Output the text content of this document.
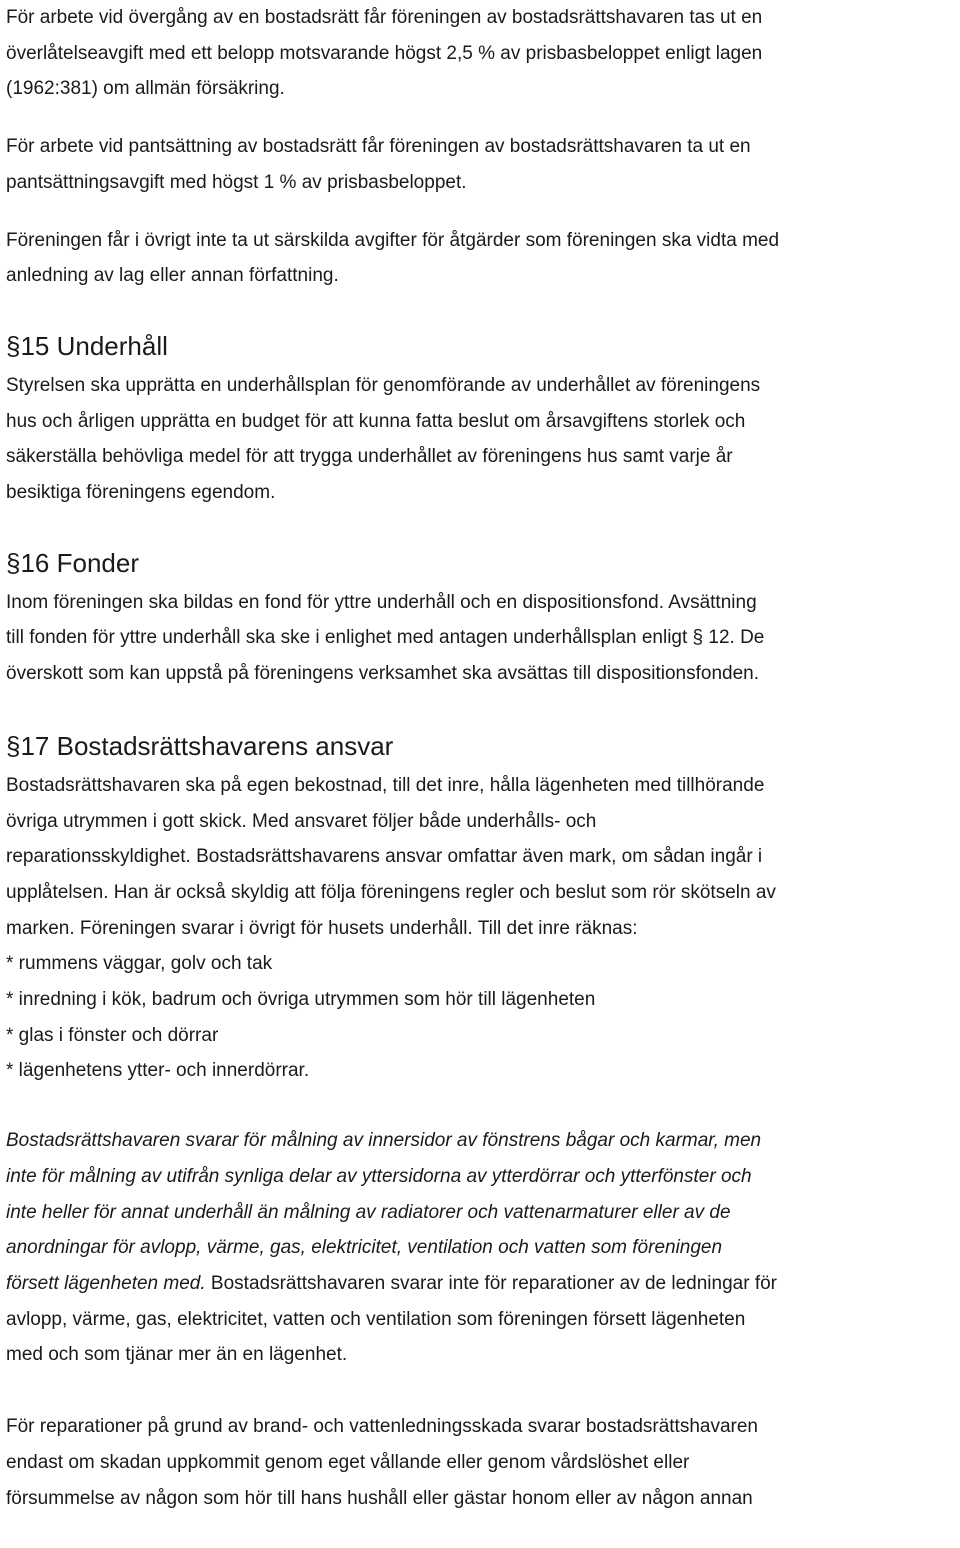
För arbete vid övergång av en bostadsrätt får föreningen av bostadsrättshavaren tas ut en
överlåtelseavgift med ett belopp motsvarande högst 2,5 % av prisbasbeloppet enligt lagen
(1962:381) om allmän försäkring.

För arbete vid pantsättning av bostadsrätt får föreningen av bostadsrättshavaren ta ut en
pantsättningsavgift med högst 1 % av prisbasbeloppet.

Föreningen får i övrigt inte ta ut särskilda avgifter för åtgärder som föreningen ska vidta med
anledning av lag eller annan författning.

§15 Underhåll

Styrelsen ska upprätta en underhållsplan för genomförande av underhållet av föreningens
hus och årligen upprätta en budget för att kunna fatta beslut om årsavgiftens storlek och
säkerställa behövliga medel för att trygga underhållet av föreningens hus samt varje år
besiktiga föreningens egendom.

§16 Fonder

Inom föreningen ska bildas en fond för yttre underhåll och en dispositionsfond. Avsättning
till fonden för yttre underhåll ska ske i enlighet med antagen underhållsplan enligt § 12. De
överskott som kan uppstå på föreningens verksamhet ska avsättas till dispositionsfonden.

§17 Bostadsrättshavarens ansvar

Bostadsrättshavaren ska på egen bekostnad, till det inre, hålla lägenheten med tillhörande
övriga utrymmen i gott skick. Med ansvaret följer både underhålls- och
reparationsskyldighet. Bostadsrättshavarens ansvar omfattar även mark, om sådan ingår i
upplåtelsen. Han är också skyldig att följa föreningens regler och beslut som rör skötseln av
marken. Föreningen svarar i övrigt för husets underhåll. Till det inre räknas:
* rummens väggar, golv och tak
* inredning i kök, badrum och övriga utrymmen som hör till lägenheten
* glas i fönster och dörrar
* lägenhetens ytter- och innerdörrar.

Bostadsrättshavaren svarar för målning av innersidor av fönstrens bågar och karmar, men
inte för målning av utifrån synliga delar av yttersidorna av ytterdörrar och ytterfönster och
inte heller för annat underhåll än målning av radiatorer och vattenarmaturer eller av de
anordningar för avlopp, värme, gas, elektricitet, ventilation och vatten som föreningen
försett lägenheten med. Bostadsrättshavaren svarar inte för reparationer av de ledningar för
avlopp, värme, gas, elektricitet, vatten och ventilation som föreningen försett lägenheten
med och som tjänar mer än en lägenhet.

För reparationer på grund av brand- och vattenledningsskada svarar bostadsrättshavaren
endast om skadan uppkommit genom eget vållande eller genom vårdslöshet eller
försummelse av någon som hör till hans hushåll eller gästar honom eller av någon annan
